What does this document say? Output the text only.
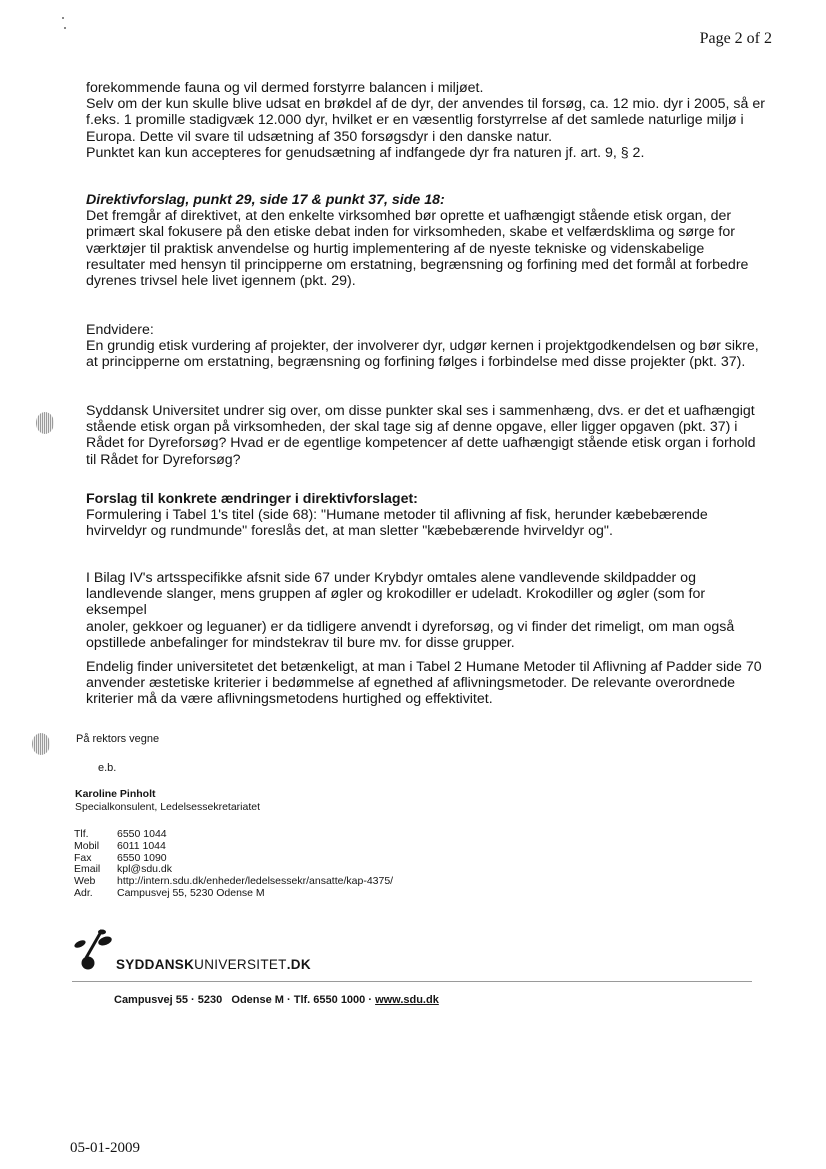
Page 2 of 2

forekommende fauna og vil dermed forstyrre balancen i miljøet.

Selv om der kun skulle blive udsat en brøkdel af de dyr, der anvendes til forsøg, ca. 12 mio. dyr i 2005, så er

f.eks. 1 promille stadigvæk 12.000 dyr, hvilket er en væsentlig forstyrrelse af det samlede naturlige miljø i

Europa. Dette vil svare til udsætning af 350 forsøgsdyr i den danske natur.

Punktet kan kun accepteres for genudsætning af indfangede dyr fra naturen jf. art. 9, § 2.

Direktivforslag, punkt 29, side 17 & punkt 37, side 18:

Det fremgår af direktivet, at den enkelte virksomhed bør oprette et uafhængigt stående etisk organ, der

primært skal fokusere på den etiske debat inden for virksomheden, skabe et velfærdsklima og sørge for

værktøjer til praktisk anvendelse og hurtig implementering af de nyeste tekniske og videnskabelige

resultater med hensyn til principperne om erstatning, begrænsning og forfining med det formål at forbedre

dyrenes trivsel hele livet igennem (pkt. 29).

Endvidere:

En grundig etisk vurdering af projekter, der involverer dyr, udgør kernen i projektgodkendelsen og bør sikre,

at principperne om erstatning, begrænsning og forfining følges i forbindelse med disse projekter (pkt. 37).

Syddansk Universitet undrer sig over, om disse punkter skal ses i sammenhæng, dvs. er det et uafhængigt

stående etisk organ på virksomheden, der skal tage sig af denne opgave, eller ligger opgaven (pkt. 37) i

Rådet for Dyreforsøg? Hvad er de egentlige kompetencer af dette uafhængigt stående etisk organ i forhold

til Rådet for Dyreforsøg?

Forslag til konkrete ændringer i direktivforslaget:

Formulering i Tabel 1's titel (side 68): "Humane metoder til aflivning af fisk, herunder kæbebærende

hvirveldyr og rundmunde" foreslås det, at man sletter "kæbebærende hvirveldyr og".

I Bilag IV's artsspecifikke afsnit side 67 under Krybdyr omtales alene vandlevende skildpadder og

landlevende slanger, mens gruppen af øgler og krokodiller er udeladt. Krokodiller og øgler (som for eksempel

anoler, gekkoer og leguaner) er da tidligere anvendt i dyreforsøg, og vi finder det rimeligt, om man også

opstillede anbefalinger for mindstekrav til bure mv. for disse grupper.

Endelig finder universitetet det betænkeligt, at man i Tabel 2 Humane Metoder til Aflivning af Padder side 70

anvender æstetiske kriterier i bedømmelse af egnethed af aflivningsmetoder. De relevante overordnede

kriterier må da være aflivningsmetodens hurtighed og effektivitet.

På rektors vegne
e.b.
Karoline Pinholt
Specialkonsulent, Ledelsessekretariatet
Tlf.	6550 1044
Mobil	6011 1044
Fax	6550 1090
Email	kpl@sdu.dk
Web	http://intern.sdu.dk/enheder/ledelsessekr/ansatte/kap-4375/
Adr.	Campusvej 55, 5230 Odense M
SYDDANSKUNIVERSITET.DK
Campusvej 55 · 5230   Odense M · Tlf. 6550 1000 · www.sdu.dk
05-01-2009
